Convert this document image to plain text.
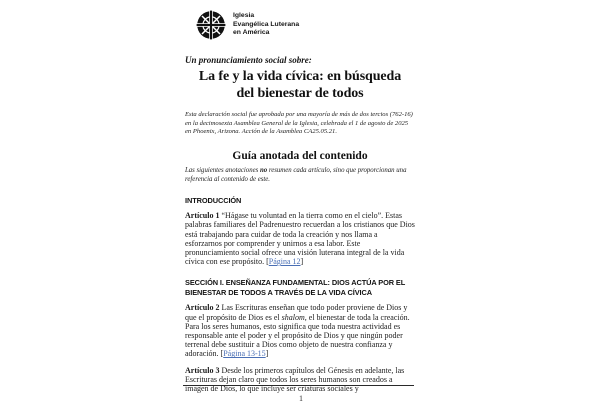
Iglesia
Evangélica Luterana
en América
Un pronunciamiento social sobre:
La fe y la vida cívica: en búsqueda
del bienestar de todos

Esta declaración social fue aprobada por una mayoría de más de dos tercios (762-16) en la decimosexta Asamblea General de la Iglesia, celebrada el 1 de agosto de 2025 en Phoenix, Arizona. Acción de la Asamblea CA25.05.21.

Guía anotada del contenido

Las siguientes anotaciones no resumen cada artículo, sino que proporcionan una referencia al contenido de este.

INTRODUCCIÓN

Artículo 1 “Hágase tu voluntad en la tierra como en el cielo”. Estas palabras familiares del Padrenuestro recuerdan a los cristianos que Dios está trabajando para cuidar de toda la creación y nos llama a esforzarnos por comprender y unirnos a esa labor. Este pronunciamiento social ofrece una visión luterana integral de la vida cívica con ese propósito. [Página 12]

SECCIÓN I. ENSEÑANZA FUNDAMENTAL: DIOS ACTÚA POR EL BIENESTAR DE TODOS A TRAVÉS DE LA VIDA CÍVICA

Artículo 2 Las Escrituras enseñan que todo poder proviene de Dios y que el propósito de Dios es el shalom, el bienestar de toda la creación. Para los seres humanos, esto significa que toda nuestra actividad es responsable ante el poder y el propósito de Dios y que ningún poder terrenal debe sustituir a Dios como objeto de nuestra confianza y adoración. [Página 13-15]

Artículo 3 Desde los primeros capítulos del Génesis en adelante, las Escrituras dejan claro que todos los seres humanos son creados a imagen de Dios, lo que incluye ser criaturas sociales y

1
